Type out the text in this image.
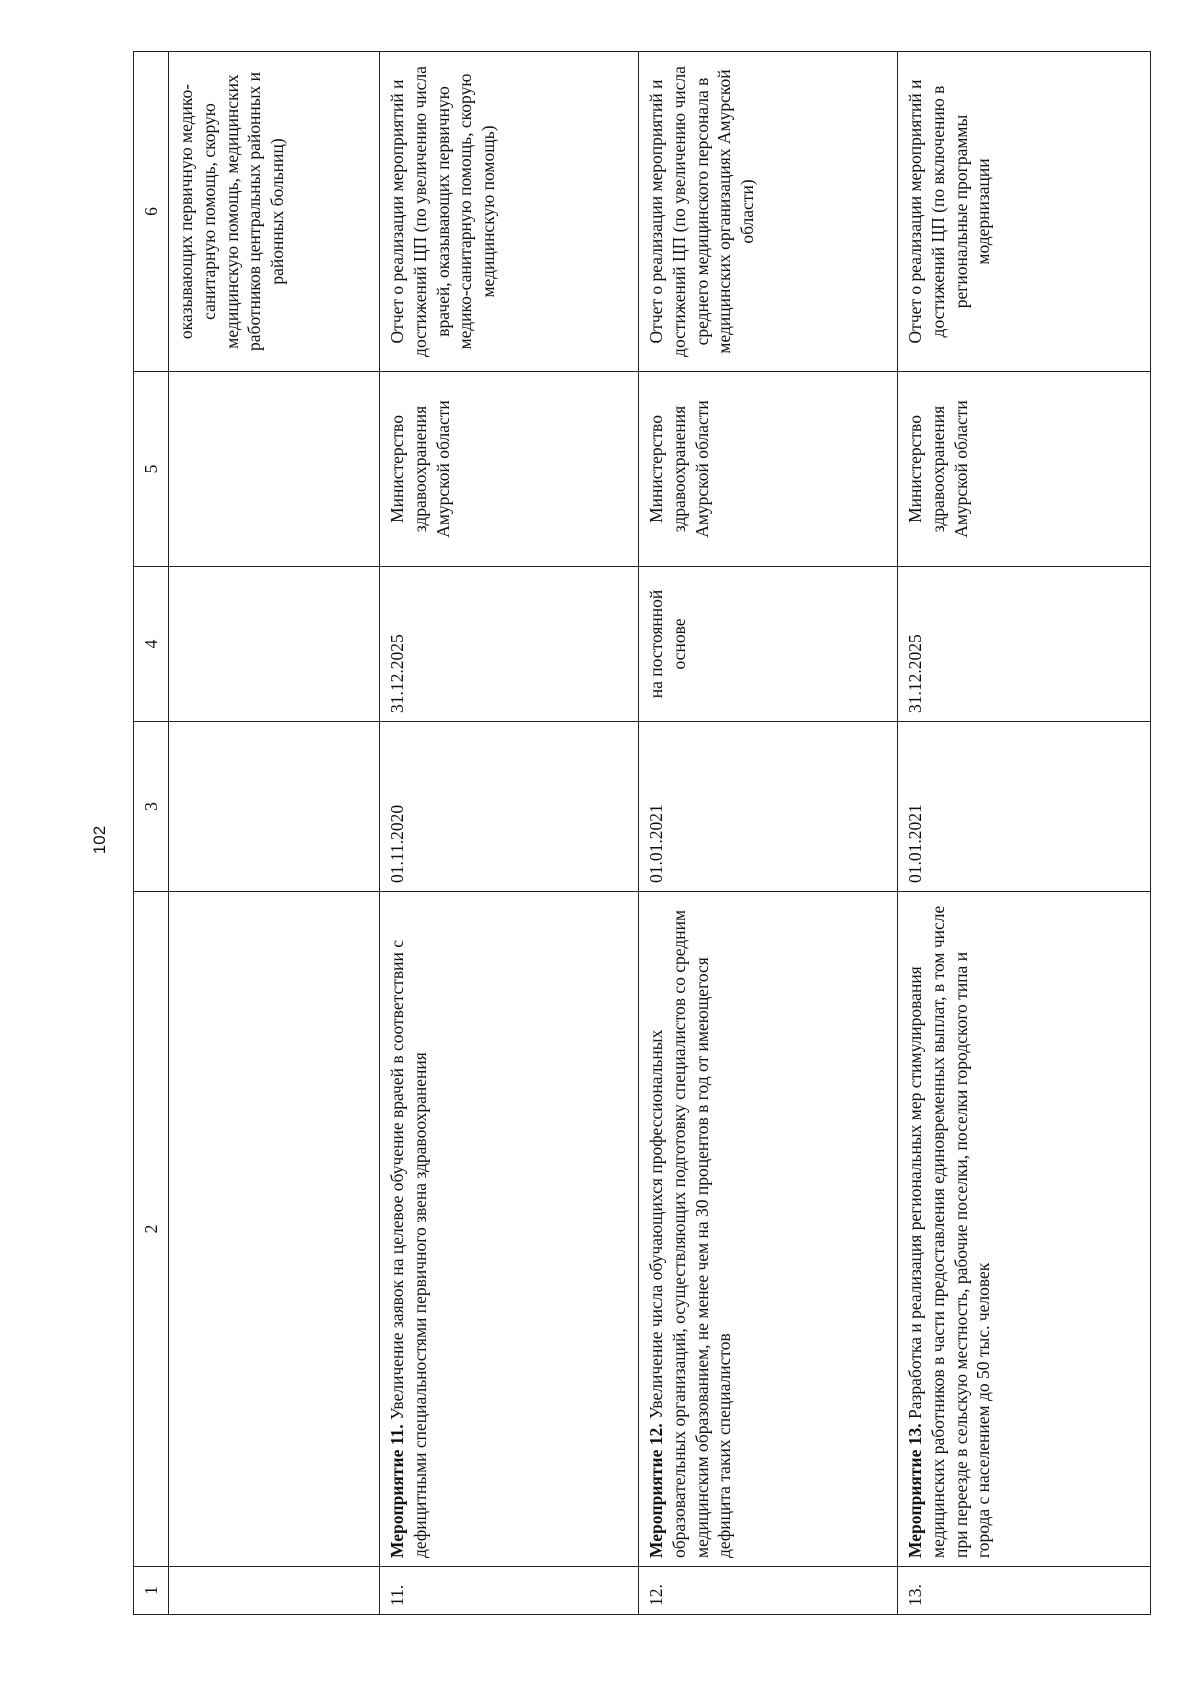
102
1	2	3	4	5	6
					оказывающих первичную медико-санитарную помощь, скорую медицинскую помощь, медицинских работников центральных районных и районных больниц)
11.	Мероприятие 11. Увеличение заявок на целевое обучение врачей в соответствии с дефицитными специальностями первичного звена здравоохранения	01.11.2020	31.12.2025	Министерство здравоохранения Амурской области	Отчет о реализации мероприятий и достижений ЦП (по увеличению числа врачей, оказывающих первичную медико-санитарную помощь, скорую медицинскую помощь)
12.	Мероприятие 12. Увеличение числа обучающихся профессиональных образовательных организаций, осуществляющих подготовку специалистов со средним медицинским образованием, не менее чем на 30 процентов в год от имеющегося дефицита таких специалистов	01.01.2021	на постоянной основе	Министерство здравоохранения Амурской области	Отчет о реализации мероприятий и достижений ЦП (по увеличению числа среднего медицинского персонала в медицинских организациях Амурской области)
13.	Мероприятие 13. Разработка и реализация региональных мер стимулирования медицинских работников в части предоставления единовременных выплат, в том числе при переезде в сельскую местность, рабочие поселки, поселки городского типа и города с населением до 50 тыс. человек	01.01.2021	31.12.2025	Министерство здравоохранения Амурской области	Отчет о реализации мероприятий и достижений ЦП (по включению в региональные программы модернизации
